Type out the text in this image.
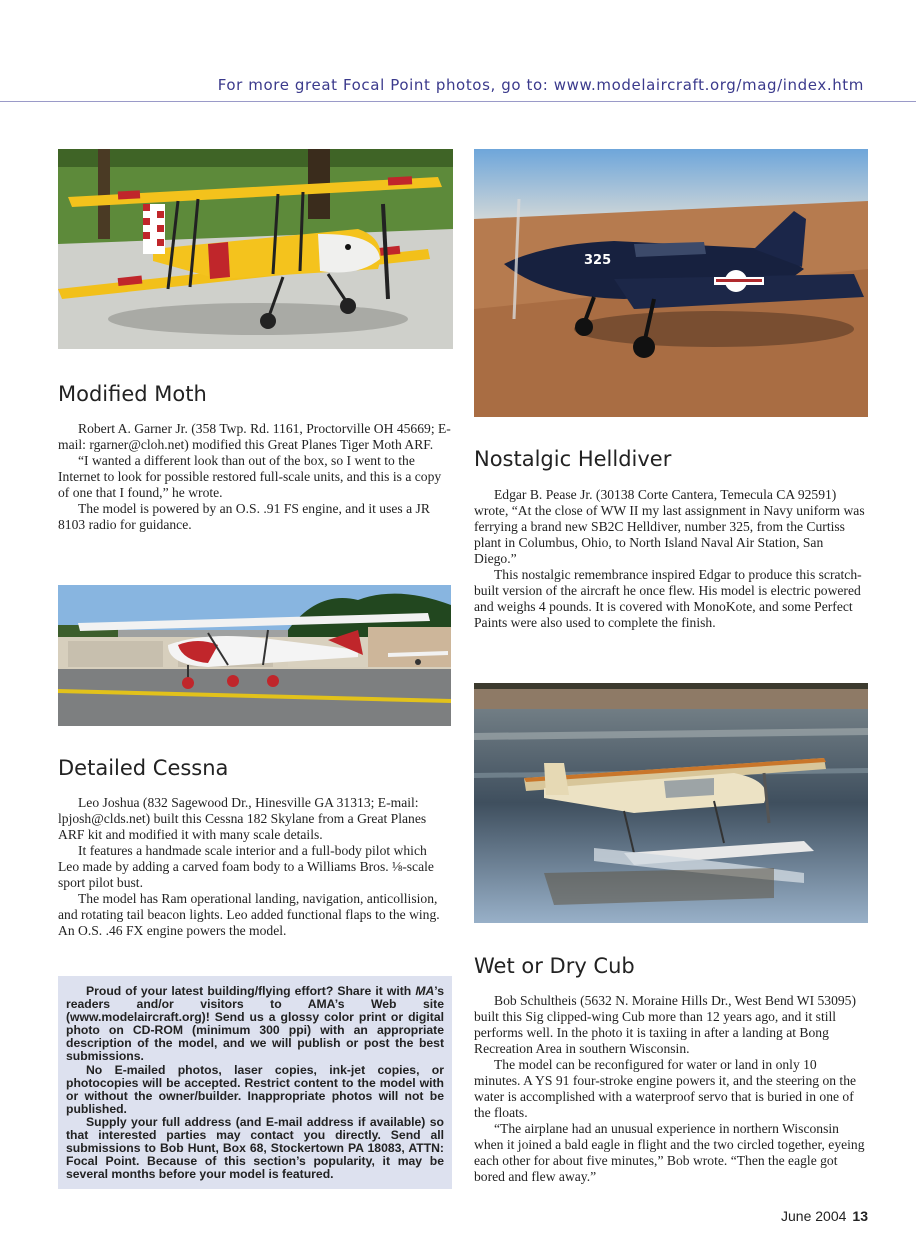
For more great Focal Point photos, go to: www.modelaircraft.org/mag/index.htm
325
Modified Moth

Robert A. Garner Jr. (358 Twp. Rd. 1161, Proctorville OH 45669; E-mail: rgarner@cloh.net) modified this Great Planes Tiger Moth ARF.

“I wanted a different look than out of the box, so I went to the Internet to look for possible restored full-scale units, and this is a copy of one that I found,” he wrote.

The model is powered by an O.S. .91 FS engine, and it uses a JR 8103 radio for guidance.

Nostalgic Helldiver

Edgar B. Pease Jr. (30138 Corte Cantera, Temecula CA 92591) wrote, “At the close of WW II my last assignment in Navy uniform was ferrying a brand new SB2C Helldiver, number 325, from the Curtiss plant in Columbus, Ohio, to North Island Naval Air Station, San Diego.”

This nostalgic remembrance inspired Edgar to produce this scratch-built version of the aircraft he once flew. His model is electric powered and weighs 4 pounds. It is covered with MonoKote, and some Perfect Paints were also used to complete the finish.

Detailed Cessna

Leo Joshua (832 Sagewood Dr., Hinesville GA 31313; E-mail: lpjosh@clds.net) built this Cessna 182 Skylane from a Great Planes ARF kit and modified it with many scale details.

It features a handmade scale interior and a full-body pilot which Leo made by adding a carved foam body to a Williams Bros. ⅛-scale sport pilot bust.

The model has Ram operational landing, navigation, anticollision, and rotating tail beacon lights. Leo added functional flaps to the wing. An O.S. .46 FX engine powers the model.

Wet or Dry Cub

Bob Schultheis (5632 N. Moraine Hills Dr., West Bend WI 53095) built this Sig clipped-wing Cub more than 12 years ago, and it still performs well. In the photo it is taxiing in after a landing at Bong Recreation Area in southern Wisconsin.

The model can be reconfigured for water or land in only 10 minutes. A YS 91 four-stroke engine powers it, and the steering on the water is accomplished with a waterproof servo that is buried in one of the floats.

“The airplane had an unusual experience in northern Wisconsin when it joined a bald eagle in flight and the two circled together, eyeing each other for about five minutes,” Bob wrote. “Then the eagle got bored and flew away.”

Proud of your latest building/flying effort? Share it with MA’s readers and/or visitors to AMA’s Web site (www.modelaircraft.org)! Send us a glossy color print or digital photo on CD-ROM (minimum 300 ppi) with an appropriate description of the model, and we will publish or post the best submissions.

No E-mailed photos, laser copies, ink-jet copies, or photocopies will be accepted. Restrict content to the model with or without the owner/builder. Inappropriate photos will not be published.

Supply your full address (and E-mail address if available) so that interested parties may contact you directly. Send all submissions to Bob Hunt, Box 68, Stockertown PA 18083, ATTN: Focal Point. Because of this section’s popularity, it may be several months before your model is featured.

June 2004 13
